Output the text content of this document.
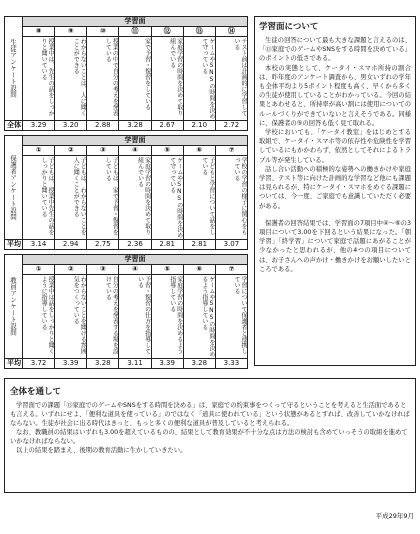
生徒アンケート設問	学習面						
	⑧	⑨	⑩	⑪	⑫	⑬	⑭
	授業中は、先生の話をしっかりと聞いている	わからないことは、人に聞くことができる	授業の中で自分の考えを発表している	家で予習・復習をしている	家庭学習の時間を決めて取り組んでいる	ゲームやSNSの時間を決めて守っている	テスト前は計画的に学習している
全体	3.29	3.20	2.88	3.28	2.67	2.10	2.72
保護者アンケート設問	学習面						
	①	②	③	④	⑤	⑥	⑦
	子どもは、授業中先生の話をしっかりと聞いている	子どもは、わからないことを人に聞くことができる	子どもは、家で予習・復習をしている	家庭学習の時間を決めて取り組んでいる	ゲームやSNSの時間を決めて守っている	子どもと学習について話をしている	学校の学習の様子に関心をもっている
平均	3.14	2.94	2.75	2.36	2.81	2.81	3.07
教員アンケート設問	学習面						
	①	②	③	④	⑤	⑥	⑦
	授業中は話をしっかりと聞くように指導している	わからないことを聞ける雰囲気をつくっている	自分の考えを発表する場を設けている	予習・復習の仕方を指導している	家庭学習の時間を決めるよう指導している	ゲームやSNSの時間を決めるよう指導している	学習について保護者と連携している
平均	3.72	3.39	3.28	3.11	3.39	3.28	3.33
学習面について

生徒の回答について最も大きな課題と言えるのは、「⑬家庭でのゲームやSNSをする時間を決めている」のポイントの低さである。

本校の実態として、ケータイ・スマホ所持の割合は、昨年度のアンケート調査から、男女いずれの学年も全体平均より5ポイント程度も高く、早くから多くの生徒が使用していることがわかっている。今回の結果とあわせると、所持率が高い割には使用についてのルールづくりができていないと言えそうである。同様に、保護者の⑤の回答も低く見て取れる。

学校においても、「ケータイ教室」をはじめとする取組で、ケータイ・スマホ等の依存性や危険性を学習しているにもかかわらず、依然としてそれによるトラブル等が発生している。

話し合い活動への積極的な姿勢への働きかけや家庭学習、テスト等に向けた計画的な学習など他にも課題は見られるが、特にケータイ・スマホをめぐる課題については、今一度、ご家庭でも意識していただく必要がある。

保護者の回答結果では、学習面の7項目中④～⑥の3項目について3.00を下回るという結果になった。「朝学習」「終学習」について家庭で話題にあがることが少なかったと思われるが、他の4つの項目については、お子さんへの声かけ・働きかけをお願いしたいところである。

全体を通して

学習面での課題「⑬家庭でのゲームやSNSをする時間を決める」は、家庭での約束事をつくって守るということを考えると生活面であるとも言える。いずれにせよ、「便利な道具を使っている」のではなく「道具に使われている」という状態があるとすれば、改善していかなければならない。生徒が社会に出る時代はきっと、もっと多くの便利な道具が普及していると考えられる。

なお、教職員の結果はいずれも3.00を超えているものの、結果として教育効果が不十分な点は方法の検討も含めていっそうの取組を進めていかなければならない。

以上の結果を踏まえ、後期の教育活動に生かしていきたい。

平成29年9月
